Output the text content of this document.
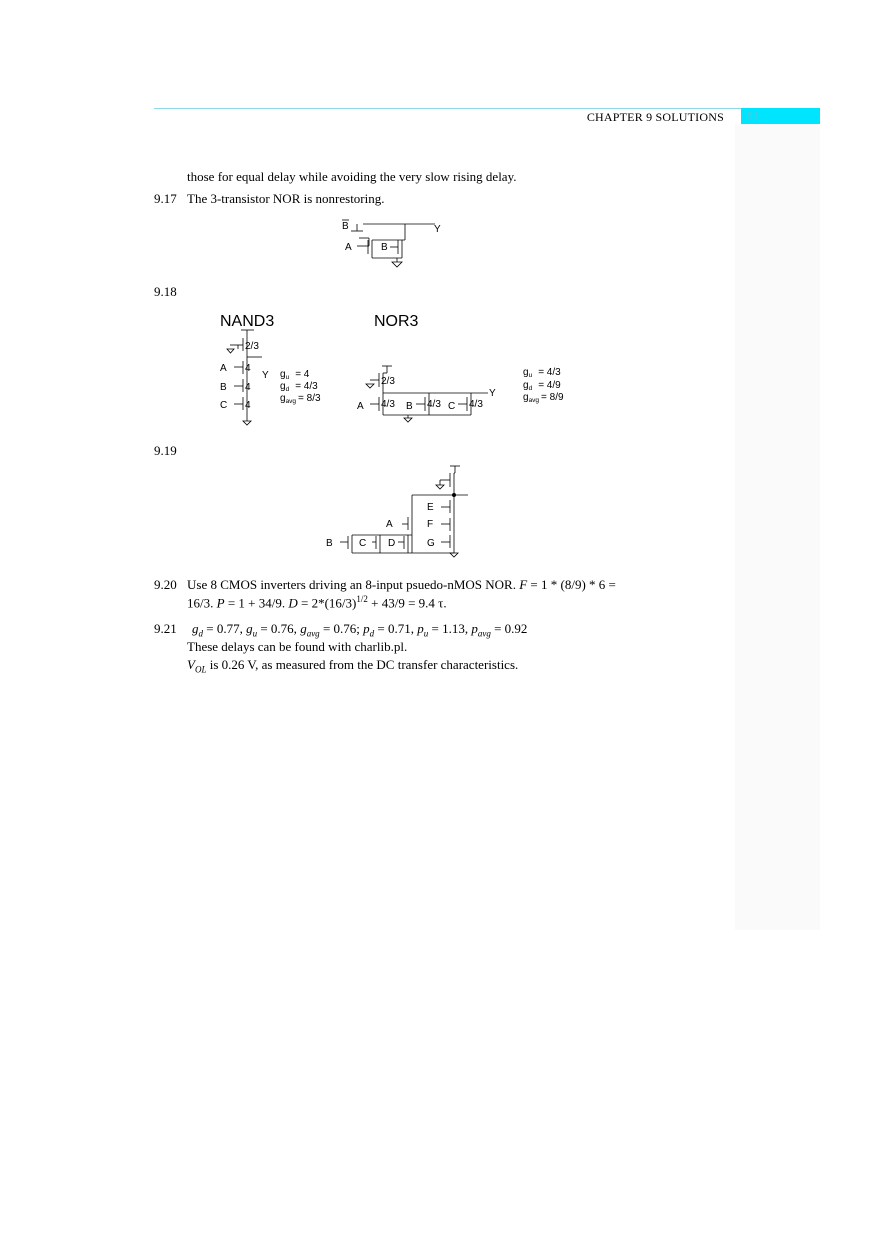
CHAPTER 9 SOLUTIONS	83
those for equal delay while avoiding the very slow rising delay.
9.17 The 3-transistor NOR is nonrestoring.
B
A	B
Y
9.18
NAND3	NOR3
2/3
4
4
4
Y
A
B
C
$g_u = 4$
$g_d = 4/3$
$g_{avg} = 8/3$
2/3
Y
A	B	C
4/3	4/3	4/3
$g_u = 4/3$
$g_d = 4/9$
$g_{avg} = 8/9$
9.19
E
F
G
A
B	C D
9.20 Use 8 CMOS inverters driving an 8-input psuedo-nMOS NOR. F = 1 * (8/9) * 6 =
16/3. P = 1 + 34/9. $D = 2*(16/3)^{1/2} + 43/9 = 9.4$ τ.
9.21 $g_d = 0.77$, $g_u = 0.76$, $g_{avg} = 0.76$; $p_d = 0.71$, $p_u = 1.13$, $p_{avg} = 0.92$
These delays can be found with charlib.pl.
$V_{OL}$ is 0.26 V, as measured from the DC transfer characteristics.
